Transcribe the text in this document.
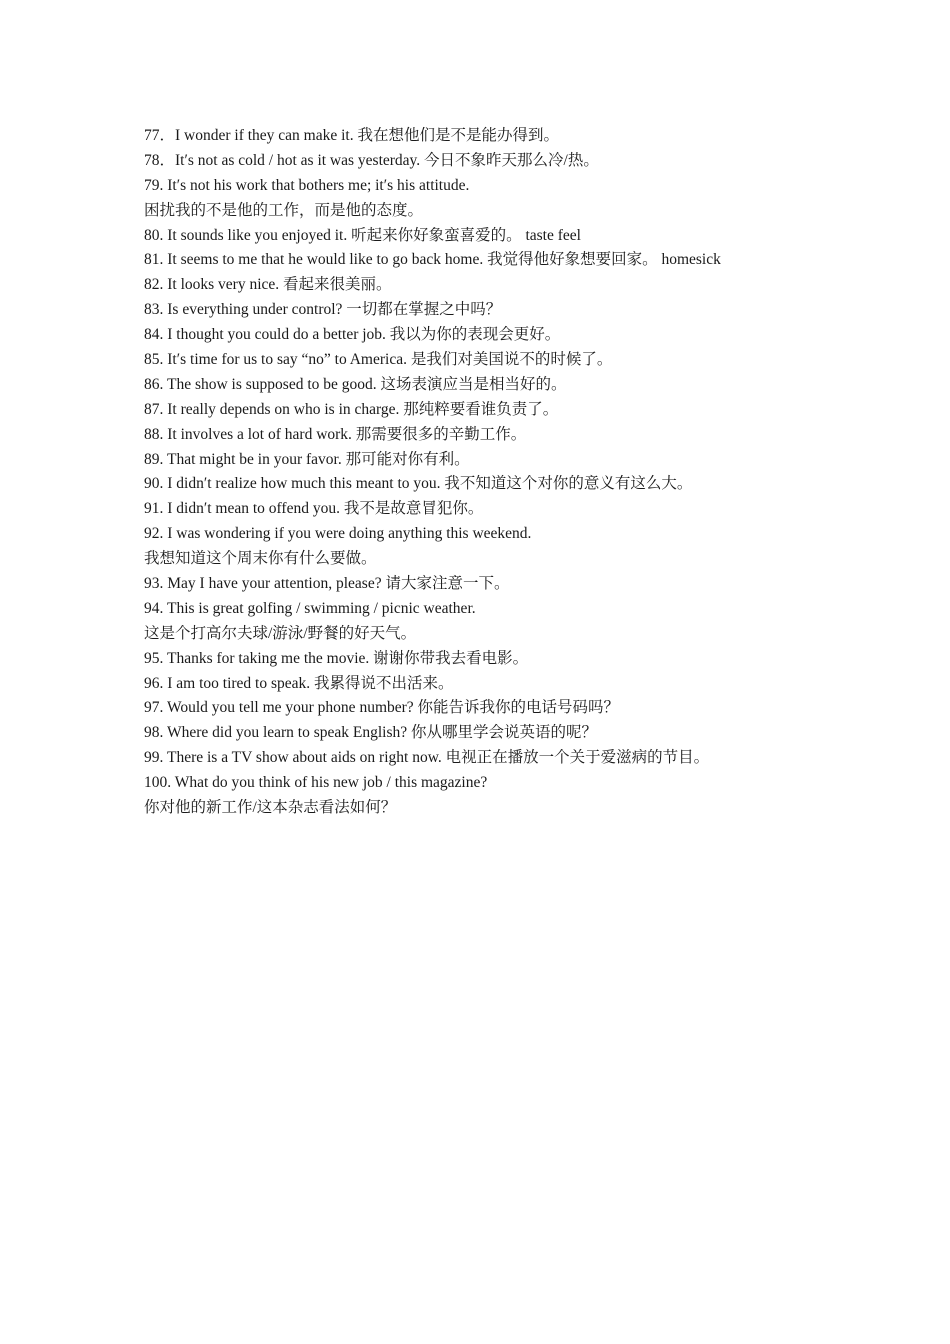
77．I wonder if they can make it. 我在想他们是不是能办得到。
78．It′s not as cold / hot as it was yesterday. 今日不象昨天那么冷/热。
79. It′s not his work that bothers me; it′s his attitude.
困扰我的不是他的工作，而是他的态度。
80. It sounds like you enjoyed it. 听起来你好象蛮喜爱的。 taste feel
81. It seems to me that he would like to go back home. 我觉得他好象想要回家。 homesick
82. It looks very nice. 看起来很美丽。
83. Is everything under control? 一切都在掌握之中吗？
84. I thought you could do a better job. 我以为你的表现会更好。
85. It′s time for us to say “no” to America. 是我们对美国说不的时候了。
86. The show is supposed to be good. 这场表演应当是相当好的。
87. It really depends on who is in charge. 那纯粹要看谁负责了。
88. It involves a lot of hard work. 那需要很多的辛勤工作。
89. That might be in your favor. 那可能对你有利。
90. I didn′t realize how much this meant to you. 我不知道这个对你的意义有这么大。
91. I didn′t mean to offend you. 我不是故意冒犯你。
92. I was wondering if you were doing anything this weekend.
我想知道这个周末你有什么要做。
93. May I have your attention, please? 请大家注意一下。
94. This is great golfing / swimming / picnic weather.
这是个打高尔夫球/游泳/野餐的好天气。
95. Thanks for taking me the movie. 谢谢你带我去看电影。
96. I am too tired to speak. 我累得说不出活来。
97. Would you tell me your phone number? 你能告诉我你的电话号码吗？
98. Where did you learn to speak English? 你从哪里学会说英语的呢？
99. There is a TV show about aids on right now. 电视正在播放一个关于爱滋病的节目。
100. What do you think of his new job / this magazine?
你对他的新工作/这本杂志看法如何？
